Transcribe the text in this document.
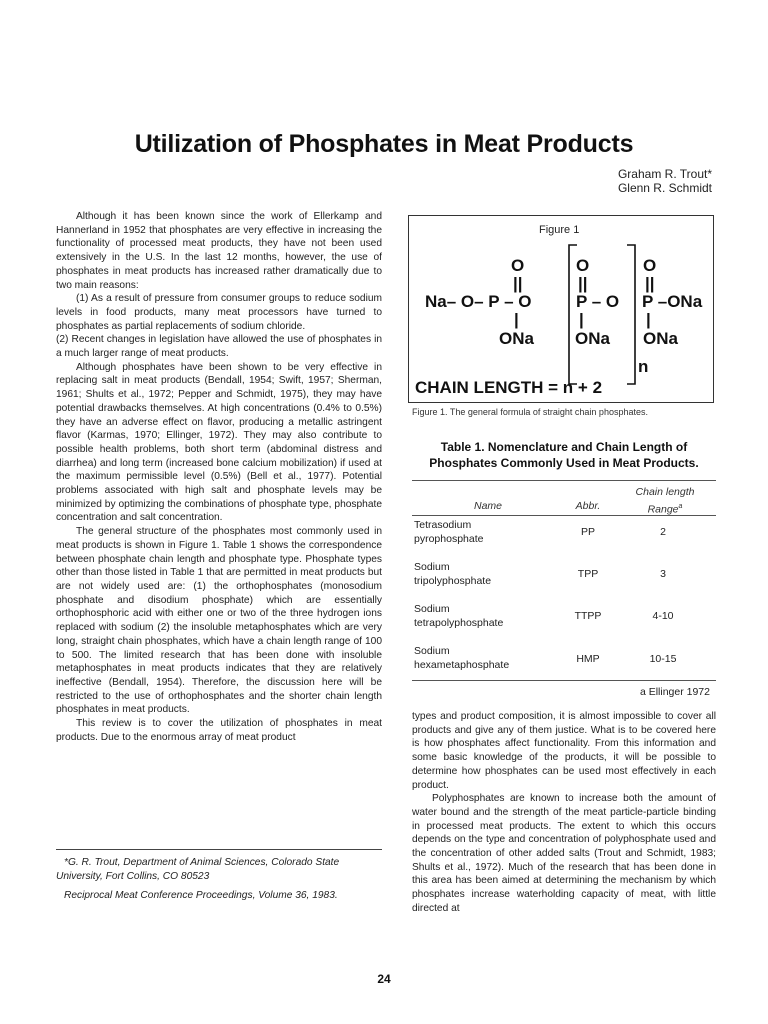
Utilization of Phosphates in Meat Products
Graham R. Trout*
Glenn R. Schmidt

Although it has been known since the work of Ellerkamp and Hannerland in 1952 that phosphates are very effective in increasing the functionality of processed meat products, they have not been used extensively in the U.S. In the last 12 months, however, the use of phosphates in meat products has increased rather dramatically due to two main reasons:

(1) As a result of pressure from consumer groups to reduce sodium levels in food products, many meat processors have turned to phosphates as partial replacements of sodium chloride.

(2) Recent changes in legislation have allowed the use of phosphates in a much larger range of meat products.

Although phosphates have been shown to be very effective in replacing salt in meat products (Bendall, 1954; Swift, 1957; Sherman, 1961; Shults et al., 1972; Pepper and Schmidt, 1975), they may have potential drawbacks themselves. At high concentrations (0.4% to 0.5%) they have an adverse effect on flavor, producing a metallic astringent flavor (Karmas, 1970; Ellinger, 1972). They may also contribute to possible health problems, both short term (abdominal distress and diarrhea) and long term (increased bone calcium mobilization) if used at the maximum permissible level (0.5%) (Bell et al., 1977). Potential problems associated with high salt and phosphate levels may be minimized by optimizing the combinations of phosphate type, phosphate concentration and salt concentration.

The general structure of the phosphates most commonly used in meat products is shown in Figure 1. Table 1 shows the correspondence between phosphate chain length and phosphate type. Phosphate types other than those listed in Table 1 that are permitted in meat products but are not widely used are: (1) the orthophosphates (monosodium phosphate and disodium phosphate) which are essentially orthophosphoric acid with either one or two of the three hydrogen ions replaced with sodium (2) the insoluble metaphosphates which are very long, straight chain phosphates, which have a chain length range of 100 to 500. The limited research that has been done with insoluble metaphosphates in meat products indicates that they are relatively ineffective (Bendall, 1954). Therefore, the discussion here will be restricted to the use of orthophosphates and the shorter chain length phosphates in meat products.

This review is to cover the utilization of phosphates in meat products. Due to the enormous array of meat product

*G. R. Trout, Department of Animal Sciences, Colorado State University, Fort Collins, CO 80523

Reciprocal Meat Conference Proceedings, Volume 36, 1983.

Figure 1
O	O	O
||	||	||
Na– O– P – O	P – O P –ONa
|	|	|
ONa ONa ONa
n
CHAIN LENGTH = n + 2
Figure 1. The general formula of straight chain phosphates.
Table 1. Nomenclature and Chain Length of
Phosphates Commonly Used in Meat Products.
Chain length
Name	Abbr.	Range$^a$
Tetrasodium
pyrophosphate
PP	2
Sodium
tripolyphosphate
TPP	3
Sodium
tetrapolyphosphate
TTPP	4-10
Sodium
hexametaphosphate	HMP	10-15
a Ellinger 1972

types and product composition, it is almost impossible to cover all products and give any of them justice. What is to be covered here is how phosphates affect functionality. From this information and some basic knowledge of the products, it will be possible to determine how phosphates can be used most effectively in each product.

Polyphosphates are known to increase both the amount of water bound and the strength of the meat particle-particle binding in processed meat products. The extent to which this occurs depends on the type and concentration of polyphosphate used and the concentration of other added salts (Trout and Schmidt, 1983; Shults et al., 1972). Much of the research that has been done in this area has been aimed at determining the mechanism by which phosphates increase waterholding capacity of meat, with little directed at

24
